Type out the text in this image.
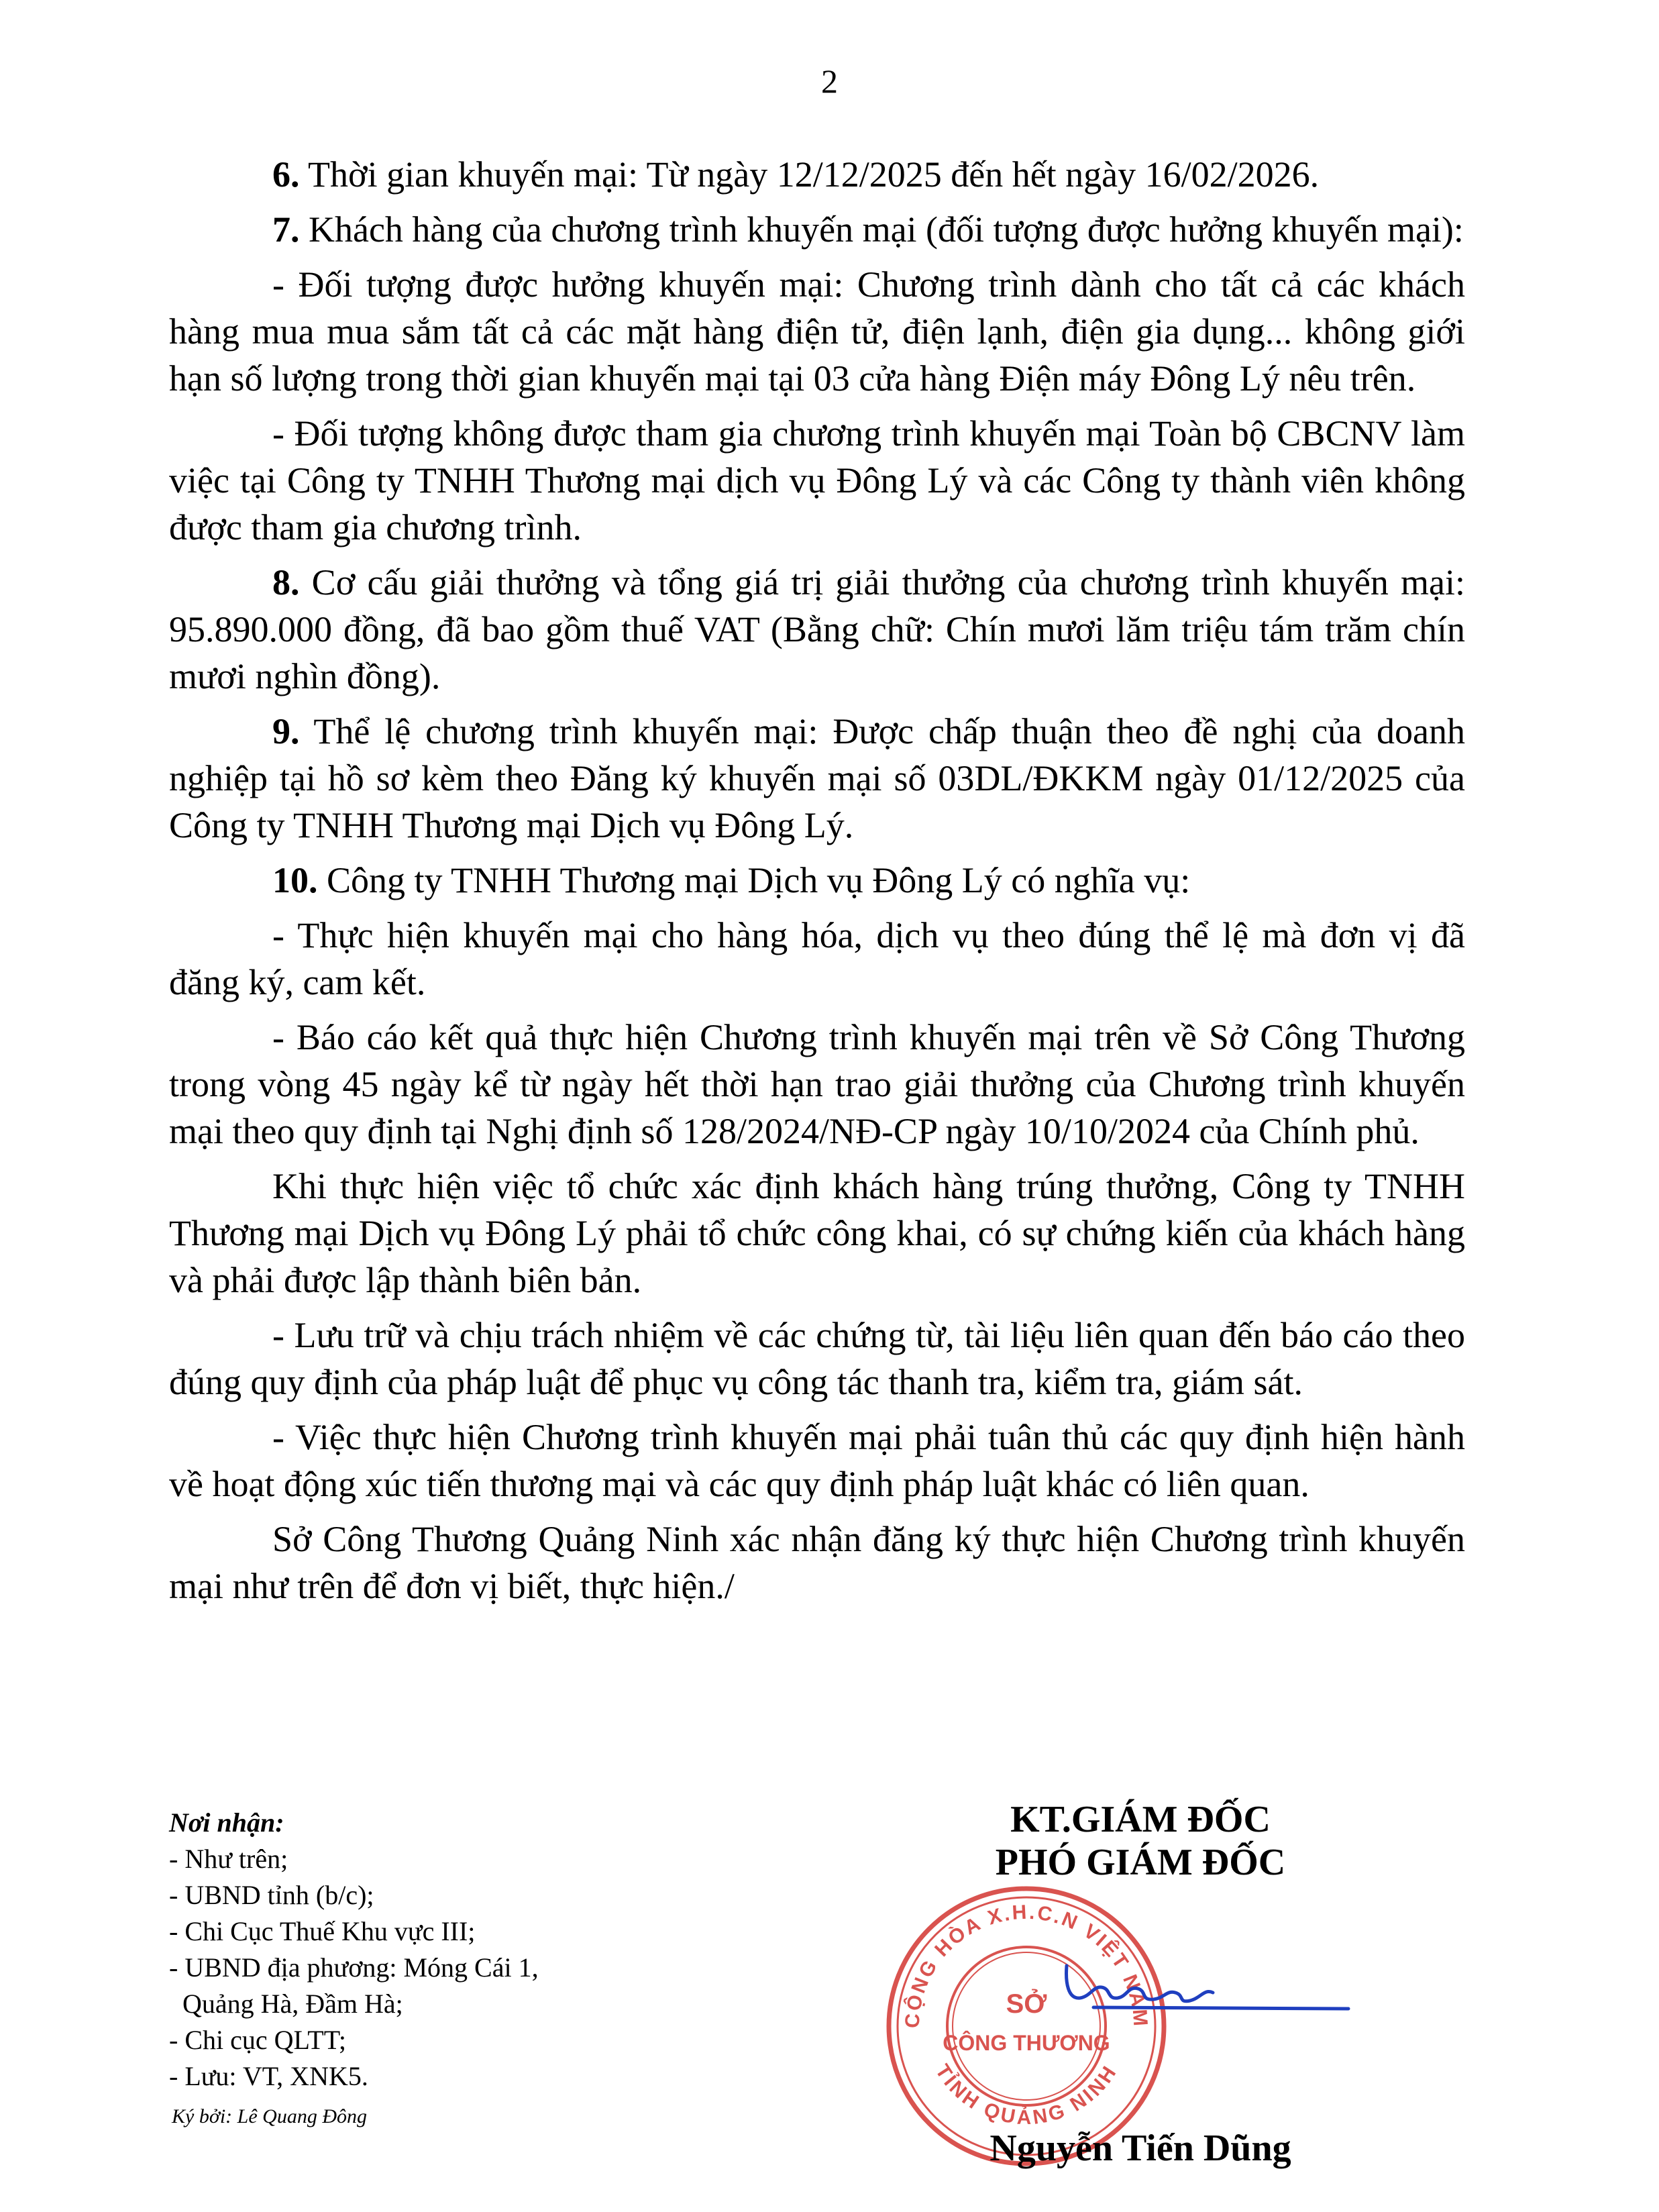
2

6. Thời gian khuyến mại: Từ ngày 12/12/2025 đến hết ngày 16/02/2026.

7. Khách hàng của chương trình khuyến mại (đối tượng được hưởng khuyến mại):

- Đối tượng được hưởng khuyến mại: Chương trình dành cho tất cả các khách hàng mua mua sắm tất cả các mặt hàng điện tử, điện lạnh, điện gia dụng... không giới hạn số lượng trong thời gian khuyến mại tại 03 cửa hàng Điện máy Đông Lý nêu trên.

- Đối tượng không được tham gia chương trình khuyến mại Toàn bộ CBCNV làm việc tại Công ty TNHH Thương mại dịch vụ Đông Lý và các Công ty thành viên không được tham gia chương trình.

8. Cơ cấu giải thưởng và tổng giá trị giải thưởng của chương trình khuyến mại: 95.890.000 đồng, đã bao gồm thuế VAT (Bằng chữ: Chín mươi lăm triệu tám trăm chín mươi nghìn đồng).

9. Thể lệ chương trình khuyến mại: Được chấp thuận theo đề nghị của doanh nghiệp tại hồ sơ kèm theo Đăng ký khuyến mại số 03DL/ĐKKM ngày 01/12/2025 của Công ty TNHH Thương mại Dịch vụ Đông Lý.

10. Công ty TNHH Thương mại Dịch vụ Đông Lý có nghĩa vụ:

- Thực hiện khuyến mại cho hàng hóa, dịch vụ theo đúng thể lệ mà đơn vị đã đăng ký, cam kết.

- Báo cáo kết quả thực hiện Chương trình khuyến mại trên về Sở Công Thương trong vòng 45 ngày kể từ ngày hết thời hạn trao giải thưởng của Chương trình khuyến mại theo quy định tại Nghị định số 128/2024/NĐ-CP ngày 10/10/2024 của Chính phủ.

Khi thực hiện việc tổ chức xác định khách hàng trúng thưởng, Công ty TNHH Thương mại Dịch vụ Đông Lý phải tổ chức công khai, có sự chứng kiến của khách hàng và phải được lập thành biên bản.

- Lưu trữ và chịu trách nhiệm về các chứng từ, tài liệu liên quan đến báo cáo theo đúng quy định của pháp luật để phục vụ công tác thanh tra, kiểm tra, giám sát.

- Việc thực hiện Chương trình khuyến mại phải tuân thủ các quy định hiện hành về hoạt động xúc tiến thương mại và các quy định pháp luật khác có liên quan.

Sở Công Thương Quảng Ninh xác nhận đăng ký thực hiện Chương trình khuyến mại như trên để đơn vị biết, thực hiện./

Nơi nhận:
- Như trên;
- UBND tỉnh (b/c);
- Chi Cục Thuế Khu vực III;
- UBND địa phương: Móng Cái 1,
Quảng Hà, Đầm Hà;
- Chi cục QLTT;
- Lưu: VT, XNK5.
Ký bởi: Lê Quang Đông
KT.GIÁM ĐỐC
PHÓ GIÁM ĐỐC
CỘNG HÒA X.H.C.N VIỆT NAM
TỈNH QUẢNG NINH
SỞ
CÔNG THƯƠNG
Nguyễn Tiến Dũng
